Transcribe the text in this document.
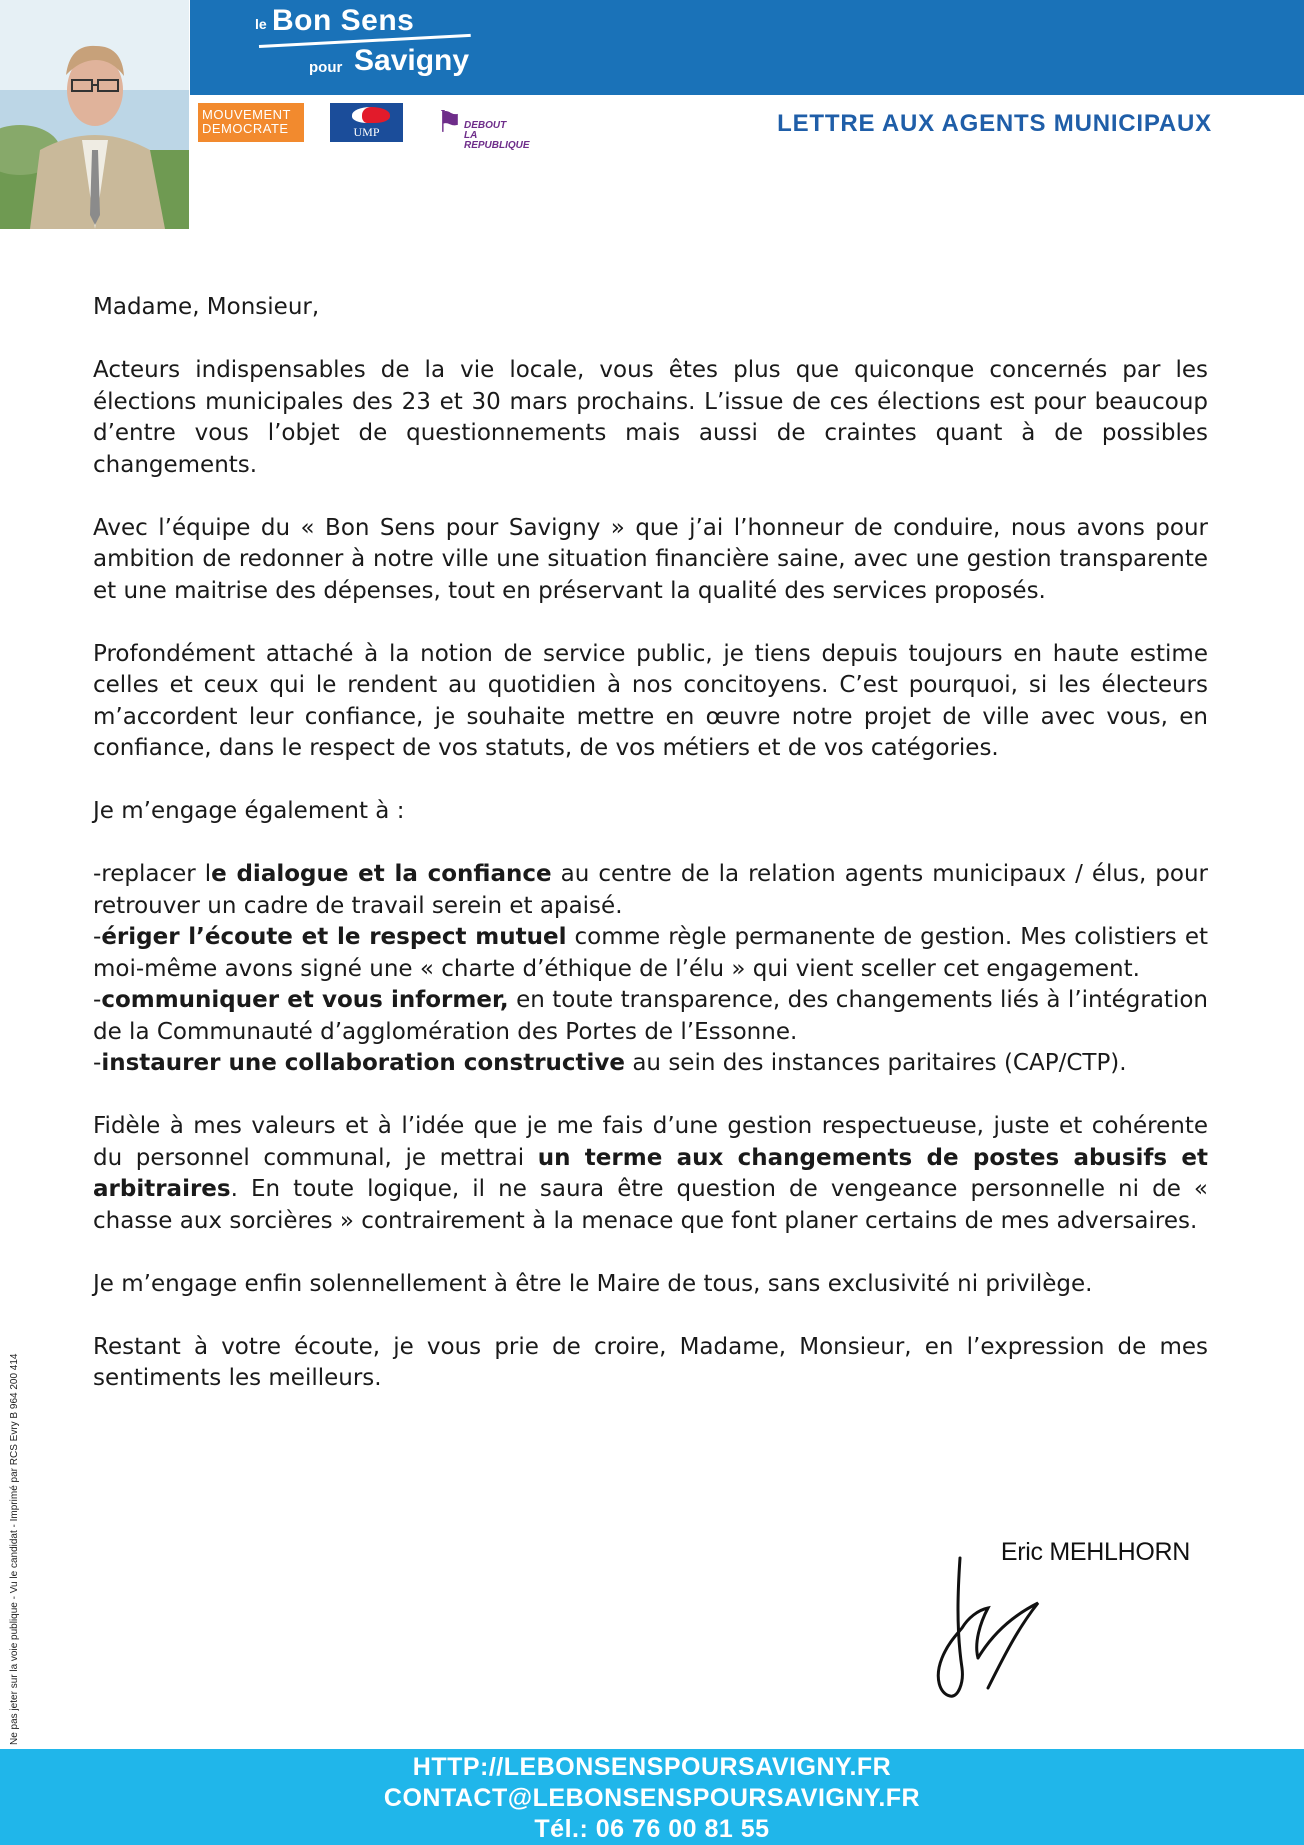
le Bon Sens
pour Savigny
MOUVEMENT
DEMOCRATE	UMP	⚑ DEBOUT
LA REPUBLIQUE
LETTRE AUX AGENTS MUNICIPAUX

Madame, Monsieur,

Acteurs indispensables de la vie locale, vous êtes plus que quiconque concernés par les élections municipales des 23 et 30 mars prochains. L’issue de ces élections est pour beaucoup d’entre vous l’objet de questionnements mais aussi de craintes quant à de possibles changements.

Avec l’équipe du « Bon Sens pour Savigny » que j’ai l’honneur de conduire, nous avons pour ambition de redonner à notre ville une situation financière saine, avec une gestion transparente et une maitrise des dépenses, tout en préservant la qualité des services proposés.

Profondément attaché à la notion de service public, je tiens depuis toujours en haute estime celles et ceux qui le rendent au quotidien à nos concitoyens. C’est pourquoi, si les électeurs m’accordent leur confiance, je souhaite mettre en œuvre notre projet de ville avec vous, en confiance, dans le respect de vos statuts, de vos métiers et de vos catégories.

Je m’engage également à :

-replacer le dialogue et la confiance au centre de la relation agents municipaux / élus, pour retrouver un cadre de travail serein et apaisé.

-ériger l’écoute et le respect mutuel comme règle permanente de gestion. Mes colistiers et moi-même avons signé une « charte d’éthique de l’élu » qui vient sceller cet engagement.

-communiquer et vous informer, en toute transparence, des changements liés à l’intégration de la Communauté d’agglomération des Portes de l’Essonne.

-instaurer une collaboration constructive au sein des instances paritaires (CAP/CTP).

Fidèle à mes valeurs et à l’idée que je me fais d’une gestion respectueuse, juste et cohérente du personnel communal, je mettrai un terme aux changements de postes abusifs et arbitraires. En toute logique, il ne saura être question de vengeance personnelle ni de « chasse aux sorcières » contrairement à la menace que font planer certains de mes adversaires.

Je m’engage enfin solennellement à être le Maire de tous, sans exclusivité ni privilège.

Restant à votre écoute, je vous prie de croire, Madame, Monsieur, en l’expression de mes sentiments les meilleurs.

Eric MEHLHORN
Ne pas jeter sur la voie publique - Vu le candidat - Imprimé par RCS Evry B 964 200 414
HTTP://LEBONSENSPOURSAVIGNY.FR
CONTACT@LEBONSENSPOURSAVIGNY.FR
Tél.: 06 76 00 81 55
